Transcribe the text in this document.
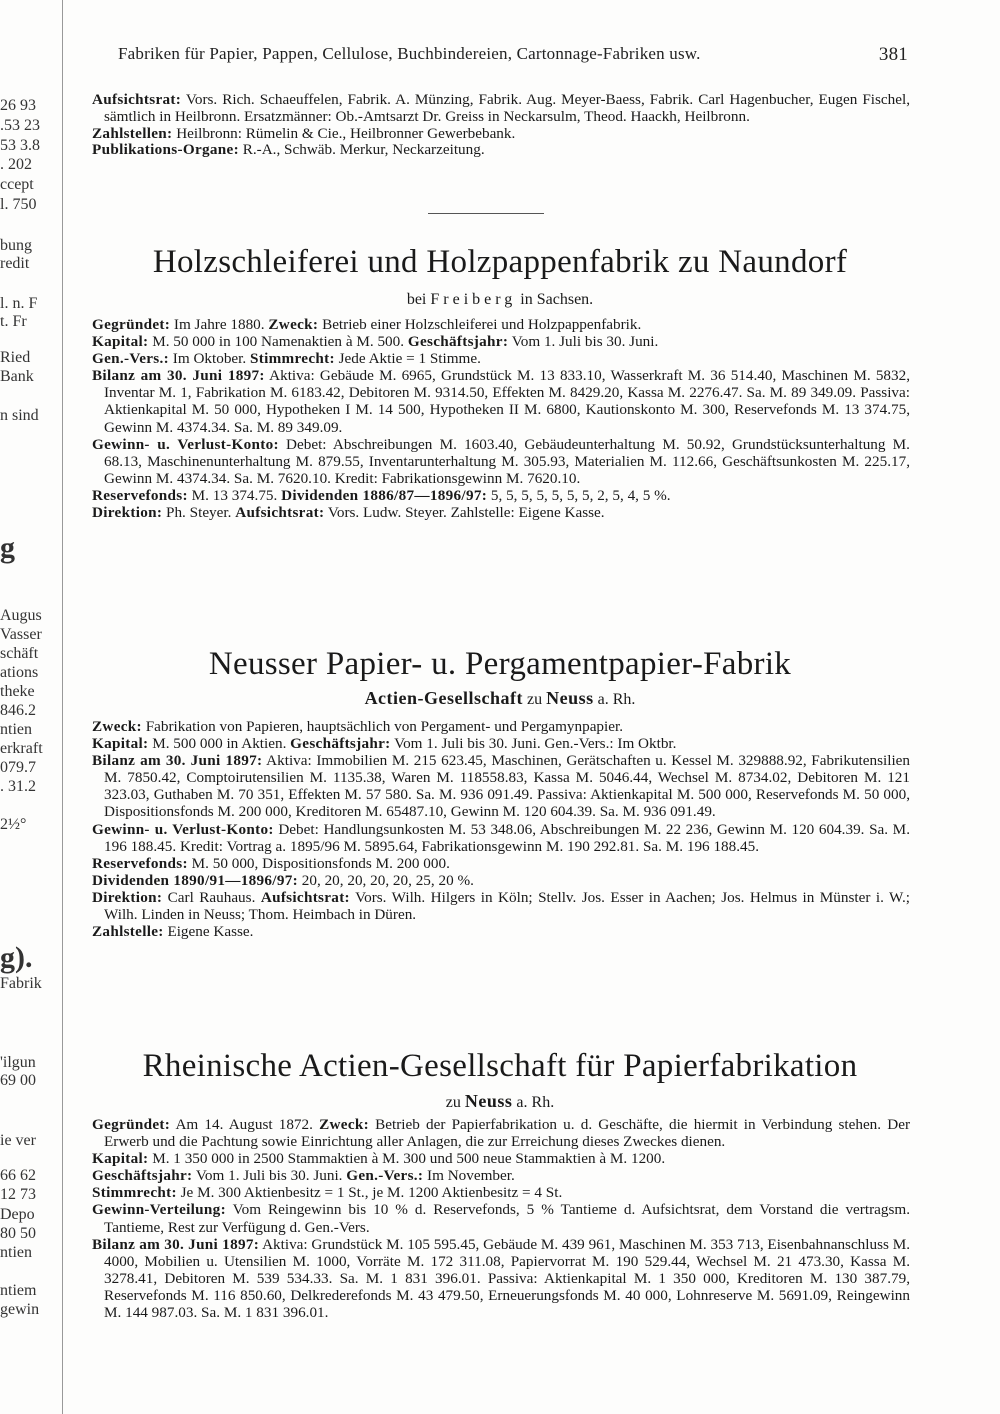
26 93
.53 23
53 3.8
. 202
ccept
l. 750
bung
redit
l. n. F
t. Fr
Ried
Bank
n sind
g
Augus
Vasser
schäft
ations
theke
846.2
ntien
erkraft
079.7
. 31.2
2½°
g).
Fabrik
'ilgun
69 00
ie ver
66 62
12 73
Depo
80 50
ntien
ntiem
gewin
Fabriken für Papier, Pappen, Cellulose, Buchbindereien, Cartonnage-Fabriken usw.	381

Aufsichtsrat: Vors. Rich. Schaeuffelen, Fabrik. A. Münzing, Fabrik. Aug. Meyer-Baess, Fabrik. Carl Hagenbucher, Eugen Fischel, sämtlich in Heilbronn. Ersatzmänner: Ob.-Amtsarzt Dr. Greiss in Neckarsulm, Theod. Haackh, Heilbronn.

Zahlstellen: Heilbronn: Rümelin & Cie., Heilbronner Gewerbebank.

Publikations-Organe: R.-A., Schwäb. Merkur, Neckarzeitung.

Holzschleiferei und Holzpappenfabrik zu Naundorf
bei Freiberg in Sachsen.

Gegründet: Im Jahre 1880. Zweck: Betrieb einer Holzschleiferei und Holzpappenfabrik.

Kapital: M. 50 000 in 100 Namenaktien à M. 500. Geschäftsjahr: Vom 1. Juli bis 30. Juni.

Gen.-Vers.: Im Oktober. Stimmrecht: Jede Aktie = 1 Stimme.

Bilanz am 30. Juni 1897: Aktiva: Gebäude M. 6965, Grundstück M. 13 833.10, Wasserkraft M. 36 514.40, Maschinen M. 5832, Inventar M. 1, Fabrikation M. 6183.42, Debitoren M. 9314.50, Effekten M. 8429.20, Kassa M. 2276.47. Sa. M. 89 349.09. Passiva: Aktienkapital M. 50 000, Hypotheken I M. 14 500, Hypotheken II M. 6800, Kautionskonto M. 300, Reservefonds M. 13 374.75, Gewinn M. 4374.34. Sa. M. 89 349.09.

Gewinn- u. Verlust-Konto: Debet: Abschreibungen M. 1603.40, Gebäudeunterhaltung M. 50.92, Grundstücksunterhaltung M. 68.13, Maschinenunterhaltung M. 879.55, Inventarunterhaltung M. 305.93, Materialien M. 112.66, Geschäftsunkosten M. 225.17, Gewinn M. 4374.34. Sa. M. 7620.10. Kredit: Fabrikationsgewinn M. 7620.10.

Reservefonds: M. 13 374.75. Dividenden 1886/87—1896/97: 5, 5, 5, 5, 5, 5, 5, 2, 5, 4, 5 %.

Direktion: Ph. Steyer. Aufsichtsrat: Vors. Ludw. Steyer. Zahlstelle: Eigene Kasse.

Neusser Papier- u. Pergamentpapier-Fabrik
Actien-Gesellschaft zu Neuss a. Rh.

Zweck: Fabrikation von Papieren, hauptsächlich von Pergament- und Pergamynpapier.

Kapital: M. 500 000 in Aktien. Geschäftsjahr: Vom 1. Juli bis 30. Juni. Gen.-Vers.: Im Oktbr.

Bilanz am 30. Juni 1897: Aktiva: Immobilien M. 215 623.45, Maschinen, Gerätschaften u. Kessel M. 329888.92, Fabrikutensilien M. 7850.42, Comptoirutensilien M. 1135.38, Waren M. 118558.83, Kassa M. 5046.44, Wechsel M. 8734.02, Debitoren M. 121 323.03, Guthaben M. 70 351, Effekten M. 57 580. Sa. M. 936 091.49. Passiva: Aktienkapital M. 500 000, Reservefonds M. 50 000, Dispositionsfonds M. 200 000, Kreditoren M. 65487.10, Gewinn M. 120 604.39. Sa. M. 936 091.49.

Gewinn- u. Verlust-Konto: Debet: Handlungsunkosten M. 53 348.06, Abschreibungen M. 22 236, Gewinn M. 120 604.39. Sa. M. 196 188.45. Kredit: Vortrag a. 1895/96 M. 5895.64, Fabrikationsgewinn M. 190 292.81. Sa. M. 196 188.45.

Reservefonds: M. 50 000, Dispositionsfonds M. 200 000.

Dividenden 1890/91—1896/97: 20, 20, 20, 20, 20, 25, 20 %.

Direktion: Carl Rauhaus. Aufsichtsrat: Vors. Wilh. Hilgers in Köln; Stellv. Jos. Esser in Aachen; Jos. Helmus in Münster i. W.; Wilh. Linden in Neuss; Thom. Heimbach in Düren.

Zahlstelle: Eigene Kasse.

Rheinische Actien-Gesellschaft für Papierfabrikation
zu Neuss a. Rh.

Gegründet: Am 14. August 1872. Zweck: Betrieb der Papierfabrikation u. d. Geschäfte, die hiermit in Verbindung stehen. Der Erwerb und die Pachtung sowie Einrichtung aller Anlagen, die zur Erreichung dieses Zweckes dienen.

Kapital: M. 1 350 000 in 2500 Stammaktien à M. 300 und 500 neue Stammaktien à M. 1200.

Geschäftsjahr: Vom 1. Juli bis 30. Juni. Gen.-Vers.: Im November.

Stimmrecht: Je M. 300 Aktienbesitz = 1 St., je M. 1200 Aktienbesitz = 4 St.

Gewinn-Verteilung: Vom Reingewinn bis 10 % d. Reservefonds, 5 % Tantieme d. Aufsichtsrat, dem Vorstand die vertragsm. Tantieme, Rest zur Verfügung d. Gen.-Vers.

Bilanz am 30. Juni 1897: Aktiva: Grundstück M. 105 595.45, Gebäude M. 439 961, Maschinen M. 353 713, Eisenbahnanschluss M. 4000, Mobilien u. Utensilien M. 1000, Vorräte M. 172 311.08, Papiervorrat M. 190 529.44, Wechsel M. 21 473.30, Kassa M. 3278.41, Debitoren M. 539 534.33. Sa. M. 1 831 396.01. Passiva: Aktienkapital M. 1 350 000, Kreditoren M. 130 387.79, Reservefonds M. 116 850.60, Delkrederefonds M. 43 479.50, Erneuerungsfonds M. 40 000, Lohnreserve M. 5691.09, Reingewinn M. 144 987.03. Sa. M. 1 831 396.01.
